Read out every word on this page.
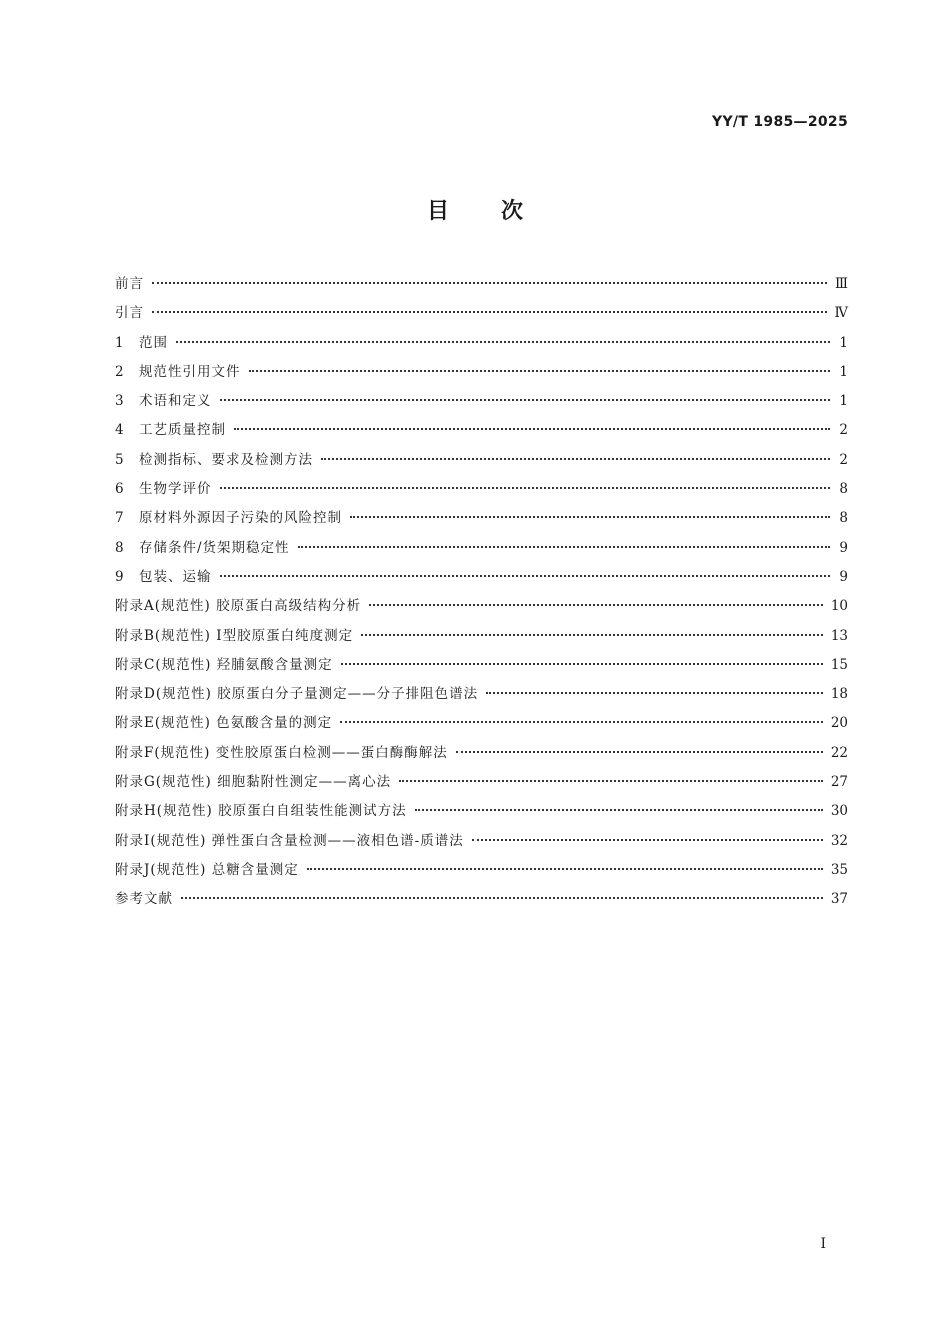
YY/T 1985—2025
目次
前言	Ⅲ
引言	Ⅳ
1	范围	1
2	规范性引用文件	1
3	术语和定义	1
4	工艺质量控制	2
5	检测指标、要求及检测方法	2
6	生物学评价	8
7	原材料外源因子污染的风险控制	8
8	存储条件/货架期稳定性	9
9	包装、运输	9
附录A(规范性) 胶原蛋白高级结构分析	10
附录B(规范性) Ⅰ型胶原蛋白纯度测定	13
附录C(规范性) 羟脯氨酸含量测定	15
附录D(规范性) 胶原蛋白分子量测定——分子排阻色谱法	18
附录E(规范性) 色氨酸含量的测定	20
附录F(规范性) 变性胶原蛋白检测——蛋白酶酶解法	22
附录G(规范性) 细胞黏附性测定——离心法	27
附录H(规范性) 胶原蛋白自组装性能测试方法	30
附录I(规范性) 弹性蛋白含量检测——液相色谱-质谱法	32
附录J(规范性) 总糖含量测定	35
参考文献	37
I
